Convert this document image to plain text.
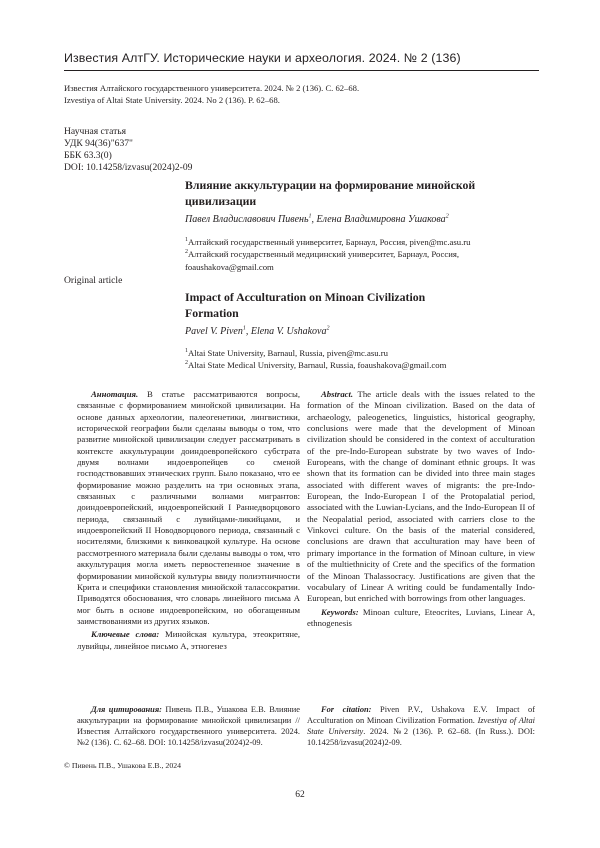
Известия АлтГУ. Исторические науки и археология. 2024. № 2 (136)
Известия Алтайского государственного университета. 2024. № 2 (136). С. 62–68.
Izvestiya of Altai State University. 2024. No 2 (136). P. 62–68.
Научная статья
УДК 94(36)"637"
ББК 63.3(0)
DOI: 10.14258/izvasu(2024)2-09
Влияние аккультурации на формирование минойской
цивилизации
Павел Владиславович Пивень$^1$, Елена Владимировна Ушакова$^2$
$^1$Алтайский государственный университет, Барнаул, Россия, piven@mc.asu.ru
$^2$Алтайский государственный медицинский университет, Барнаул, Россия,
foaushakova@gmail.com
Original article
Impact of Acculturation on Minoan Civilization
Formation
Pavel V. Piven$^1$, Elena V. Ushakova$^2$
$^1$Altai State University, Barnaul, Russia, piven@mc.asu.ru
$^2$Altai State Medical University, Barnaul, Russia, foaushakova@gmail.com

Аннотация. В статье рассматриваются вопросы, связанные с формированием минойской цивилизации. На основе данных археологии, палеогенетики, лингвистики, исторической географии были сделаны выводы о том, что развитие минойской цивилизации следует рассматривать в контексте аккультурации доиндоевропейского субстрата двумя волнами индоевропейцев со сменой господствовавших этнических групп. Было показано, что ее формирование можно разделить на три основных этапа, связанных с различными волнами мигрантов: доиндоевропейский, индоевропейский I Раннедворцового периода, связанный с лувийцами-ликийцами, и индоевропейский II Новодворцового периода, связанный с носителями, близкими к винковацкой культуре. На основе рассмотренного материала были сделаны выводы о том, что аккультурация могла иметь первостепенное значение в формировании минойской культуры ввиду полиэтничности Крита и специфики становления минойской талассократии. Приводятся обоснования, что словарь линейного письма А мог быть в основе индоевропейским, но обогащенным заимствованиями из других языков.

Ключевые слова: Минойская культура, этеокритяне, лувийцы, линейное письмо А, этногенез

Abstract. The article deals with the issues related to the formation of the Minoan civilization. Based on the data of archaeology, paleogenetics, linguistics, historical geography, conclusions were made that the development of Minoan civilization should be considered in the context of acculturation of the pre-Indo-European substrate by two waves of Indo-Europeans, with the change of dominant ethnic groups. It was shown that its formation can be divided into three main stages associated with different waves of migrants: the pre-Indo-European, the Indo-European I of the Protopalatial period, associated with the Luwian-Lycians, and the Indo-European II of the Neopalatial period, associated with carriers close to the Vinkovci culture. On the basis of the material considered, conclusions are drawn that acculturation may have been of primary importance in the formation of Minoan culture, in view of the multiethnicity of Crete and the specifics of the formation of the Minoan Thalassocracy. Justifications are given that the vocabulary of Linear A writing could be fundamentally Indo-European, but enriched with borrowings from other languages.

Keywords: Minoan culture, Eteocrites, Luvians, Linear A, ethnogenesis

Для цитирования: Пивень П.В., Ушакова Е.В. Влияние аккультурации на формирование минойской цивилизации // Известия Алтайского государственного университета. 2024. №2 (136). С. 62–68. DOI: 10.14258/izvasu(2024)2-09.

For citation: Piven P.V., Ushakova E.V. Impact of Acculturation on Minoan Civilization Formation. Izvestiya of Altai State University. 2024. №2 (136). P. 62–68. (In Russ.). DOI: 10.14258/izvasu(2024)2-09.

© Пивень П.В., Ушакова Е.В., 2024
62
